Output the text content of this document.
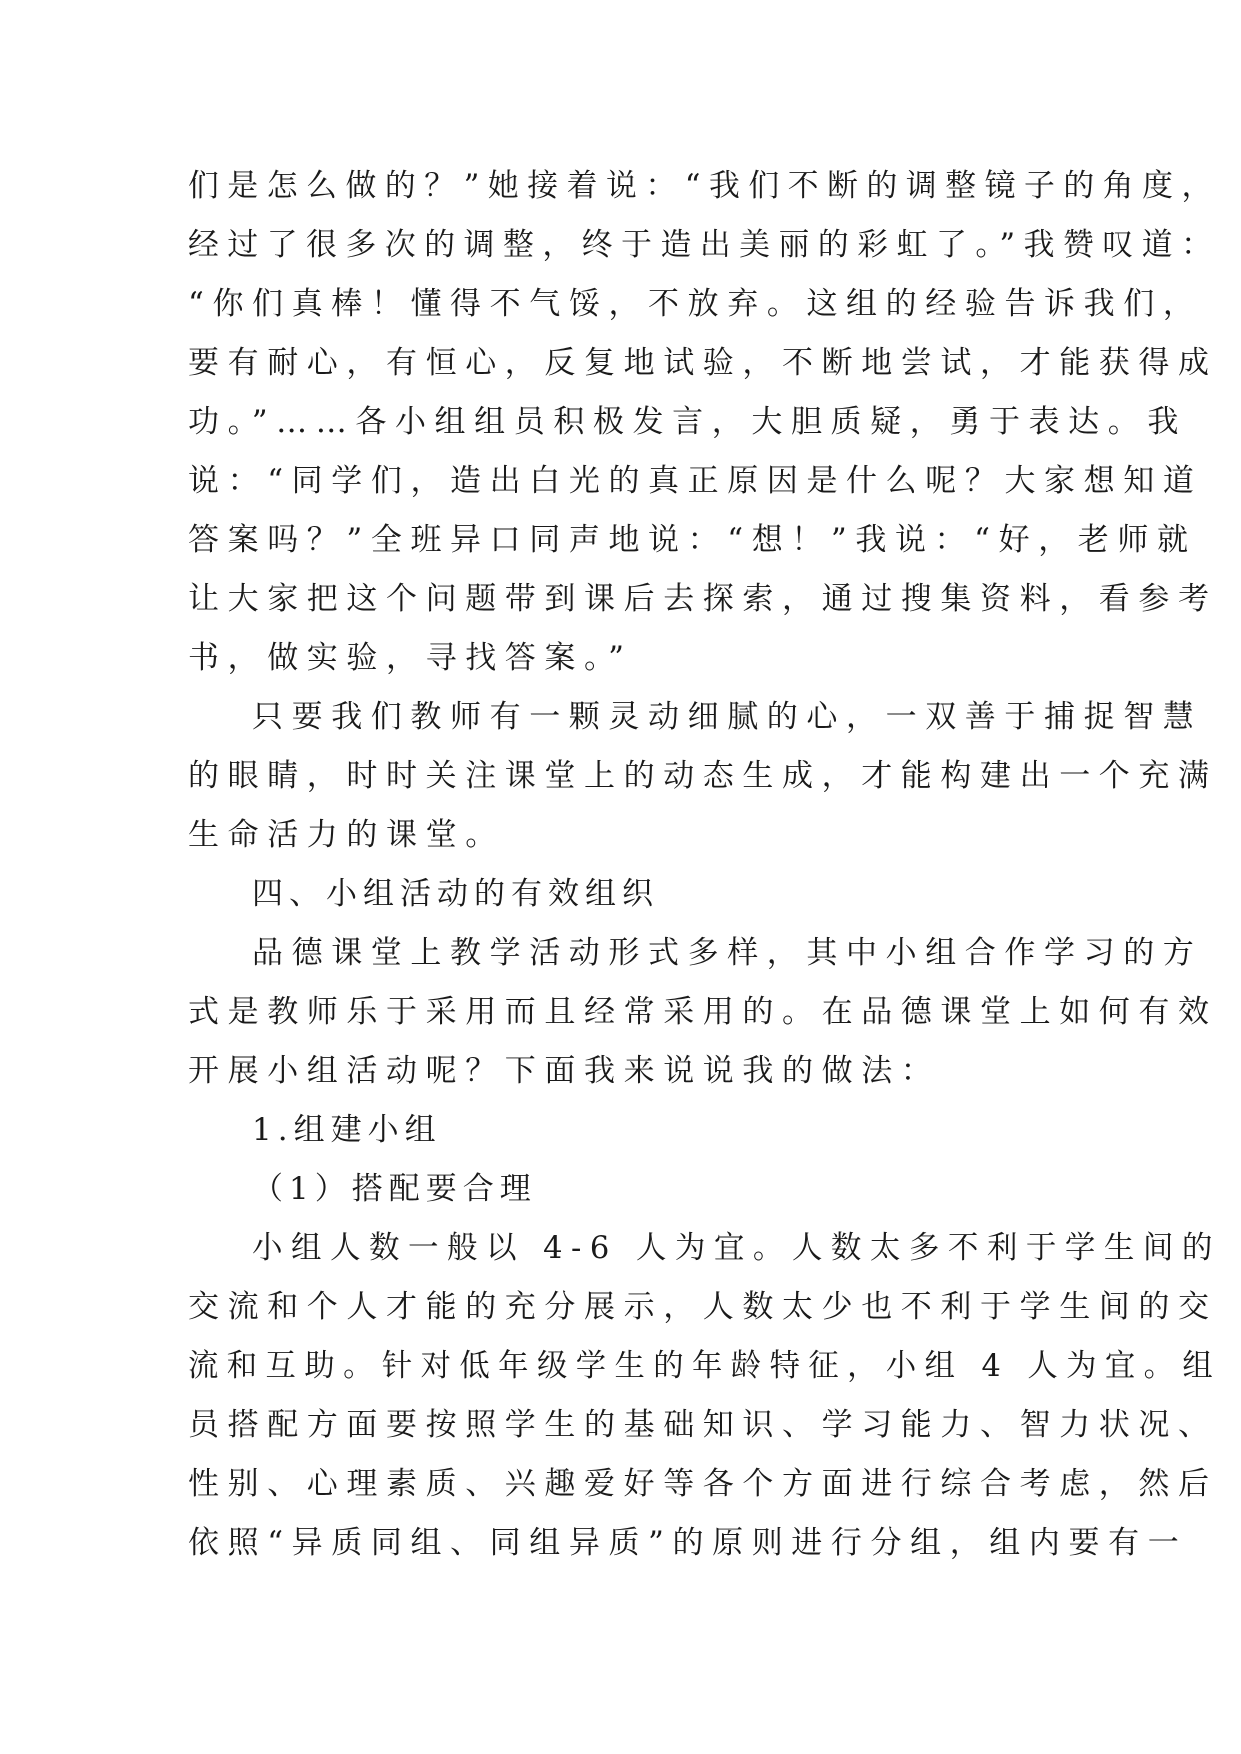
们是怎么做的？”她接着说：“我们不断的调整镜子的角度，
经过了很多次的调整，终于造出美丽的彩虹了。”我赞叹道：
“你们真棒！懂得不气馁，不放弃。这组的经验告诉我们，
要有耐心，有恒心，反复地试验，不断地尝试，才能获得成
功。”……各小组组员积极发言，大胆质疑，勇于表达。我
说：“同学们，造出白光的真正原因是什么呢？大家想知道
答案吗？”全班异口同声地说：“想！”我说：“好，老师就
让大家把这个问题带到课后去探索，通过搜集资料，看参考
书，做实验，寻找答案。”
只要我们教师有一颗灵动细腻的心，一双善于捕捉智慧
的眼睛，时时关注课堂上的动态生成，才能构建出一个充满
生命活力的课堂。
四、小组活动的有效组织
品德课堂上教学活动形式多样，其中小组合作学习的方
式是教师乐于采用而且经常采用的。在品德课堂上如何有效
开展小组活动呢？下面我来说说我的做法：
1.组建小组
（1）搭配要合理
小组人数一般以 4-6 人为宜。人数太多不利于学生间的
交流和个人才能的充分展示，人数太少也不利于学生间的交
流和互助。针对低年级学生的年龄特征，小组 4 人为宜。组
员搭配方面要按照学生的基础知识、学习能力、智力状况、
性别、心理素质、兴趣爱好等各个方面进行综合考虑，然后
依照“异质同组、同组异质”的原则进行分组，组内要有一
